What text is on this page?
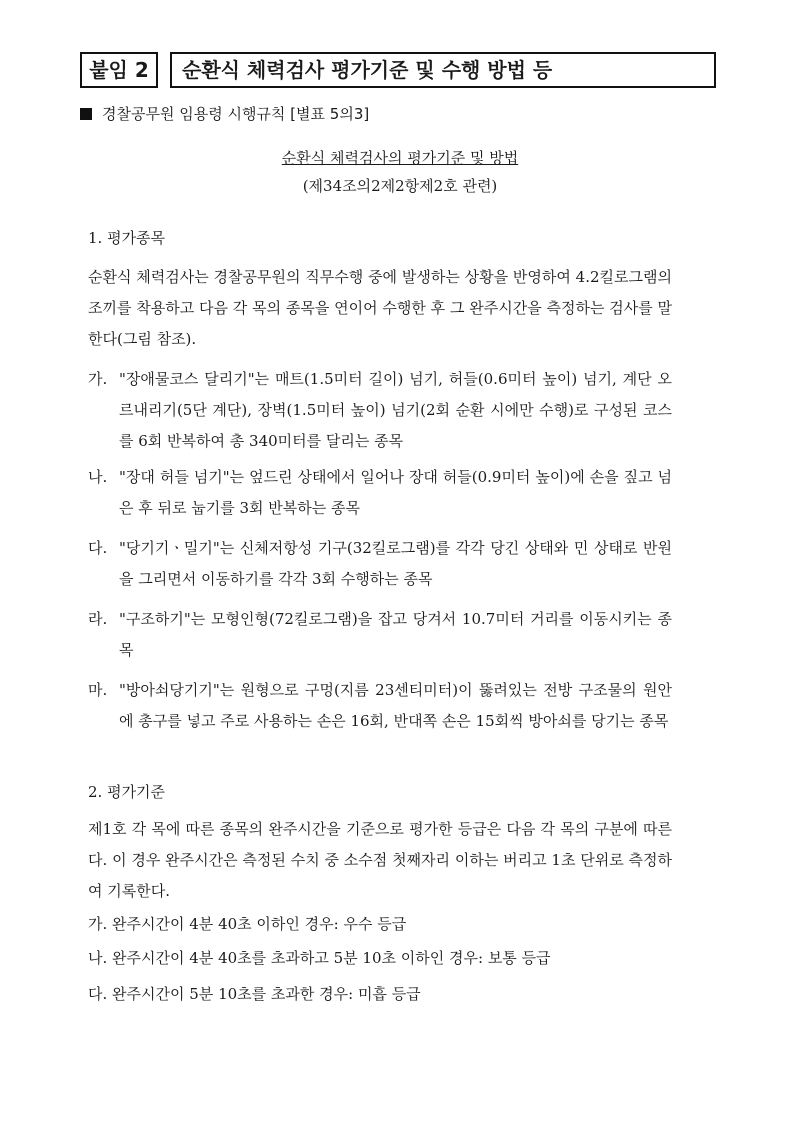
붙임 2	순환식 체력검사 평가기준 및 수행 방법 등
경찰공무원 임용령 시행규칙 [별표 5의3]
순환식 체력검사의 평가기준 및 방법
(제34조의2제2항제2호 관련)
1. 평가종목
순환식 체력검사는 경찰공무원의 직무수행 중에 발생하는 상황을 반영하여 4.2킬로그램의 조끼를 착용하고 다음 각 목의 종목을 연이어 수행한 후 그 완주시간을 측정하는 검사를 말한다(그림 참조).
가. "장애물코스 달리기"는 매트(1.5미터 길이) 넘기, 허들(0.6미터 높이) 넘기, 계단 오르내리기(5단 계단), 장벽(1.5미터 높이) 넘기(2회 순환 시에만 수행)로 구성된 코스를 6회 반복하여 총 340미터를 달리는 종목
나. "장대 허들 넘기"는 엎드린 상태에서 일어나 장대 허들(0.9미터 높이)에 손을 짚고 넘은 후 뒤로 눕기를 3회 반복하는 종목
다. "당기기ㆍ밀기"는 신체저항성 기구(32킬로그램)를 각각 당긴 상태와 민 상태로 반원을 그리면서 이동하기를 각각 3회 수행하는 종목
라. "구조하기"는 모형인형(72킬로그램)을 잡고 당겨서 10.7미터 거리를 이동시키는 종목
마. "방아쇠당기기"는 원형으로 구멍(지름 23센티미터)이 뚫려있는 전방 구조물의 원안에 총구를 넣고 주로 사용하는 손은 16회, 반대쪽 손은 15회씩 방아쇠를 당기는 종목
2. 평가기준
제1호 각 목에 따른 종목의 완주시간을 기준으로 평가한 등급은 다음 각 목의 구분에 따른다. 이 경우 완주시간은 측정된 수치 중 소수점 첫째자리 이하는 버리고 1초 단위로 측정하여 기록한다.
가. 완주시간이 4분 40초 이하인 경우: 우수 등급
나. 완주시간이 4분 40초를 초과하고 5분 10초 이하인 경우: 보통 등급
다. 완주시간이 5분 10초를 초과한 경우: 미흡 등급
